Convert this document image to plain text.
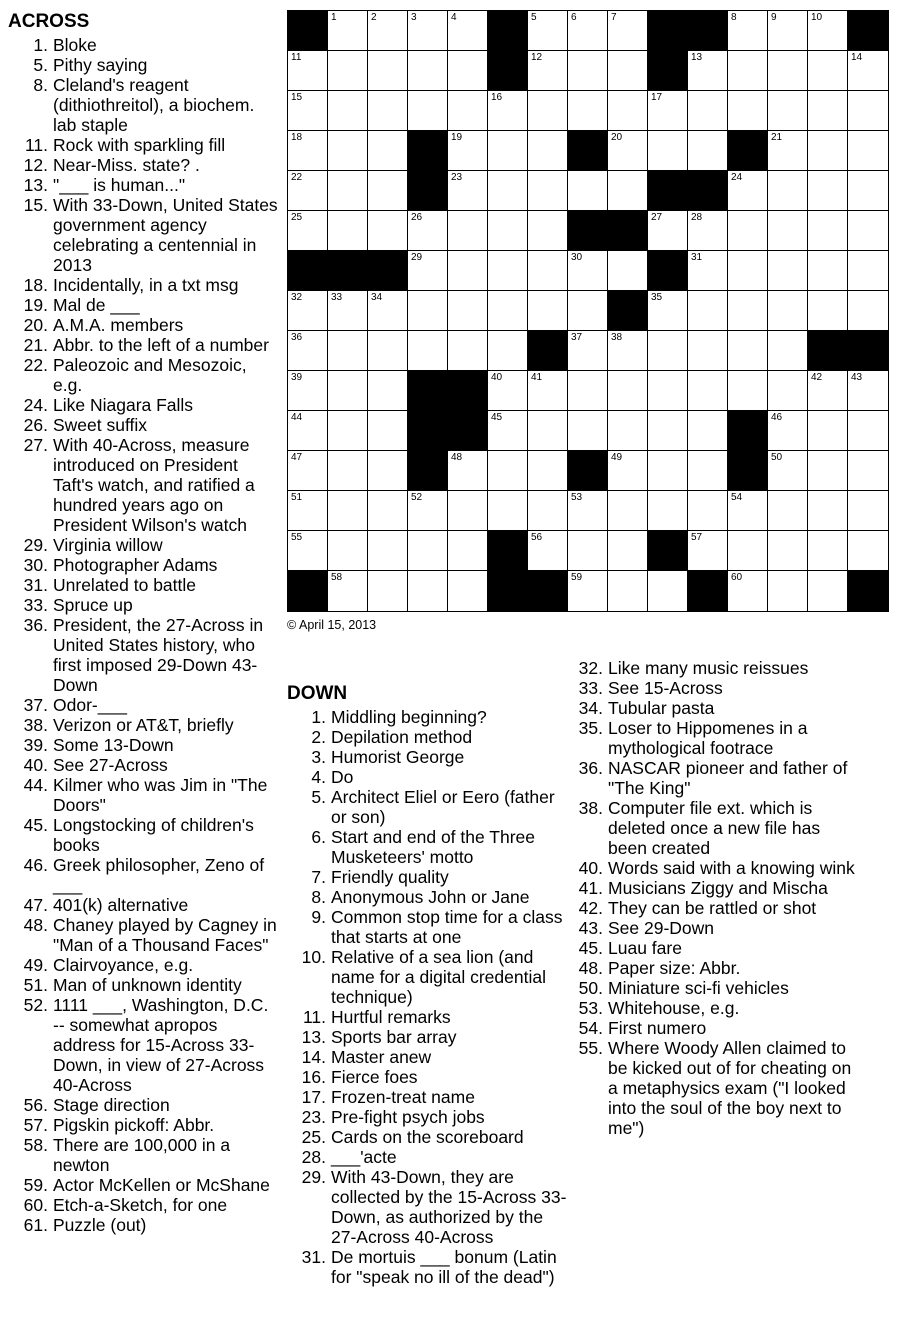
ACROSS
1. Bloke
5. Pithy saying
8. Cleland's reagent (dithiothreitol), a biochem. lab staple
11. Rock with sparkling fill
12. Near-Miss. state? .
13. "___ is human..."
15. With 33-Down, United States government agency celebrating a centennial in 2013
18. Incidentally, in a txt msg
19. Mal de ___
20. A.M.A. members
21. Abbr. to the left of a number
22. Paleozoic and Mesozoic, e.g.
24. Like Niagara Falls
26. Sweet suffix
27. With 40-Across, measure introduced on President Taft's watch, and ratified a hundred years ago on President Wilson's watch
29. Virginia willow
30. Photographer Adams
31. Unrelated to battle
33. Spruce up
36. President, the 27-Across in United States history, who first imposed 29-Down 43-Down
37. Odor-___
38. Verizon or AT&T, briefly
39. Some 13-Down
40. See 27-Across
44. Kilmer who was Jim in "The Doors"
45. Longstocking of children's books
46. Greek philosopher, Zeno of ___
47. 401(k) alternative
48. Chaney played by Cagney in "Man of a Thousand Faces"
49. Clairvoyance, e.g.
51. Man of unknown identity
52. 1111 ___, Washington, D.C. -- somewhat apropos address for 15-Across 33-Down, in view of 27-Across 40-Across
56. Stage direction
57. Pigskin pickoff: Abbr.
58. There are 100,000 in a newton
59. Actor McKellen or McShane
60. Etch-a-Sketch, for one
61. Puzzle (out)
1	2	3	4	5	6	7	8	9	10
11	12	13	14
15	16	17
18	19	20	21
22	23	24
25	26	27	28
29	30	31
32	33	34	35
36	37	38
39	40	41	42	43
44	45	46
47	48	49	50
51	52	53	54
55	56	57
58	59	60
© April 15, 2013
DOWN
1. Middling beginning?
2. Depilation method
3. Humorist George
4. Do
5. Architect Eliel or Eero (father or son)
6. Start and end of the Three Musketeers' motto
7. Friendly quality
8. Anonymous John or Jane
9. Common stop time for a class that starts at one
10. Relative of a sea lion (and name for a digital credential technique)
11. Hurtful remarks
13. Sports bar array
14. Master anew
16. Fierce foes
17. Frozen-treat name
23. Pre-fight psych jobs
25. Cards on the scoreboard
28. ___'acte
29. With 43-Down, they are collected by the 15-Across 33-Down, as authorized by the 27-Across 40-Across
31. De mortuis ___ bonum (Latin for "speak no ill of the dead")
32. Like many music reissues
33. See 15-Across
34. Tubular pasta
35. Loser to Hippomenes in a mythological footrace
36. NASCAR pioneer and father of "The King"
38. Computer file ext. which is deleted once a new file has been created
40. Words said with a knowing wink
41. Musicians Ziggy and Mischa
42. They can be rattled or shot
43. See 29-Down
45. Luau fare
48. Paper size: Abbr.
50. Miniature sci-fi vehicles
53. Whitehouse, e.g.
54. First numero
55. Where Woody Allen claimed to be kicked out of for cheating on a metaphysics exam ("I looked into the soul of the boy next to me")
